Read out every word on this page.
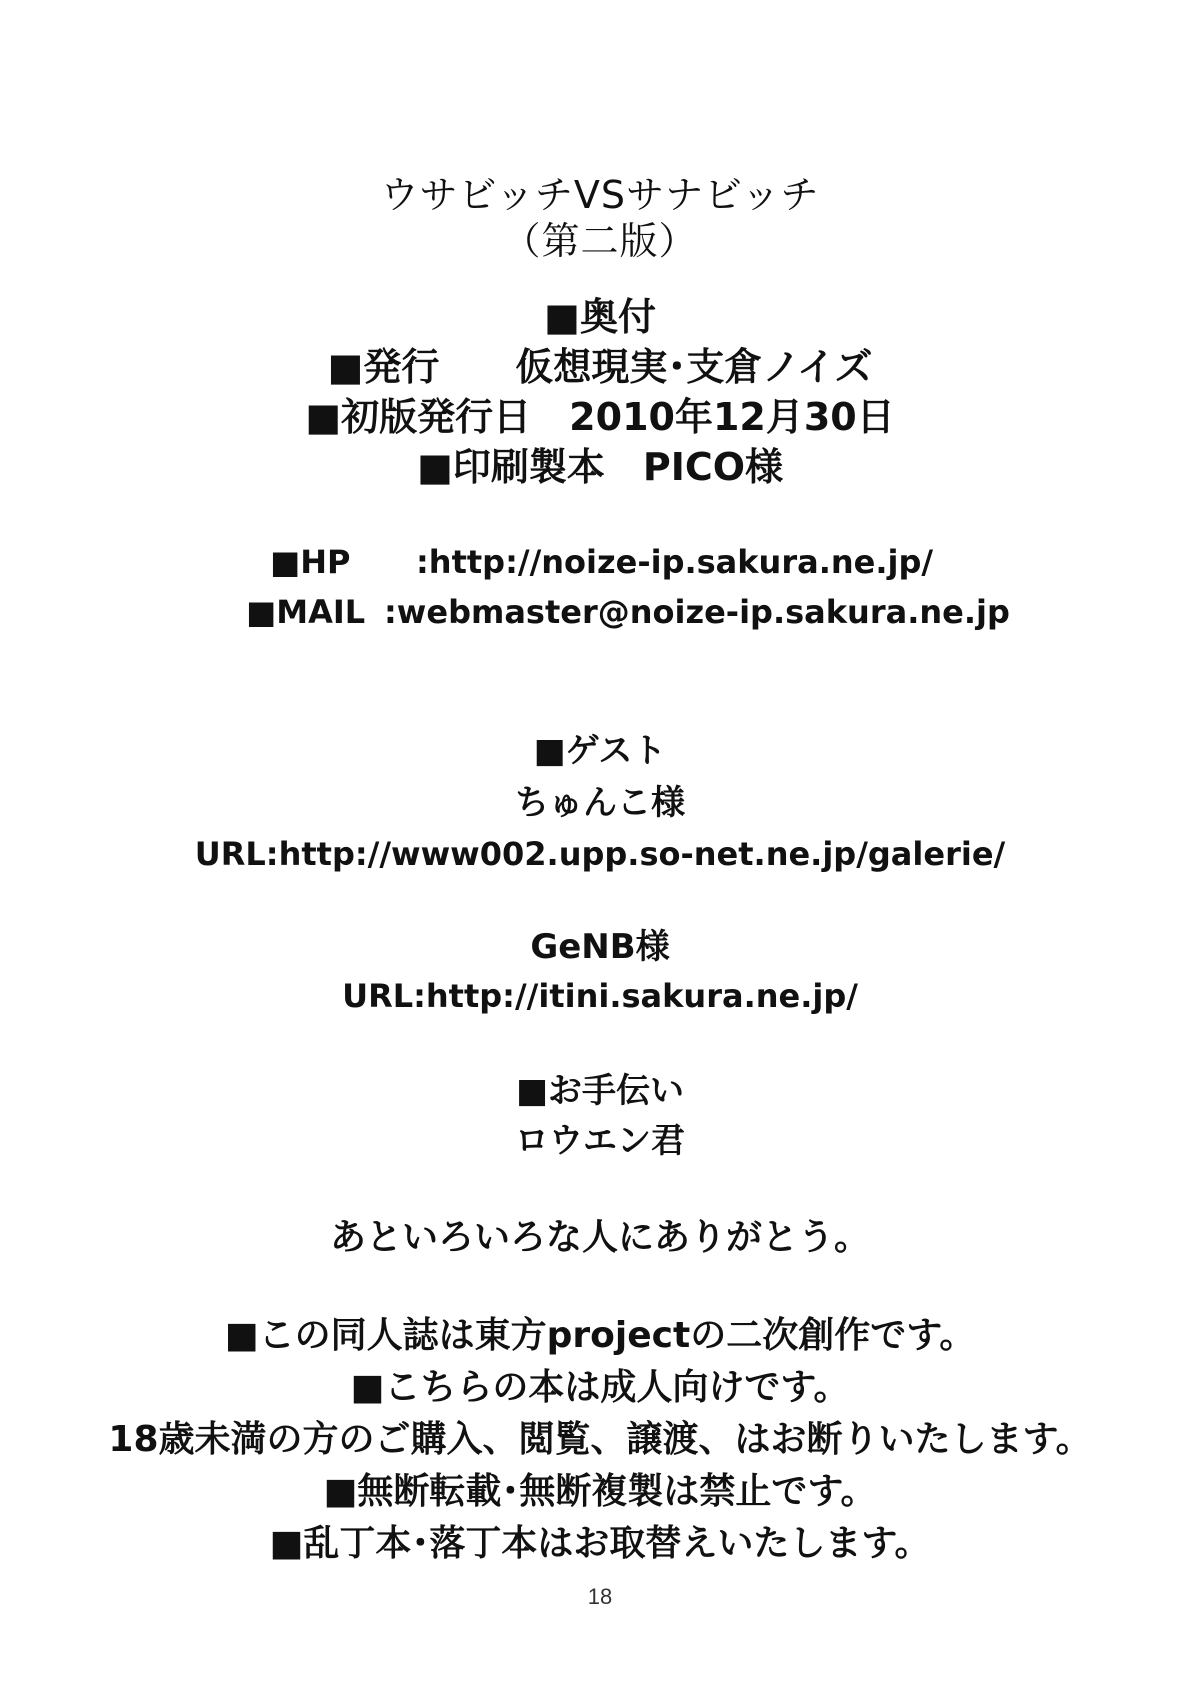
ウサビッチVSサナビッチ
（第二版）
■奥付
■発行　　仮想現実･支倉ノイズ
■初版発行日　2010年12月30日
■印刷製本　PICO様
■HP :http://noize-ip.sakura.ne.jp/
■MAIL :webmaster@noize-ip.sakura.ne.jp
■ゲスト
ちゅんこ様
URL:http://www002.upp.so-net.ne.jp/galerie/
GeNB様
URL:http://itini.sakura.ne.jp/
■お手伝い
ロウエン君
あといろいろな人にありがとう。
■この同人誌は東方projectの二次創作です。
■こちらの本は成人向けです。
18歳未満の方のご購入、閲覧、譲渡、はお断りいたします。
■無断転載･無断複製は禁止です。
■乱丁本･落丁本はお取替えいたします。
18
